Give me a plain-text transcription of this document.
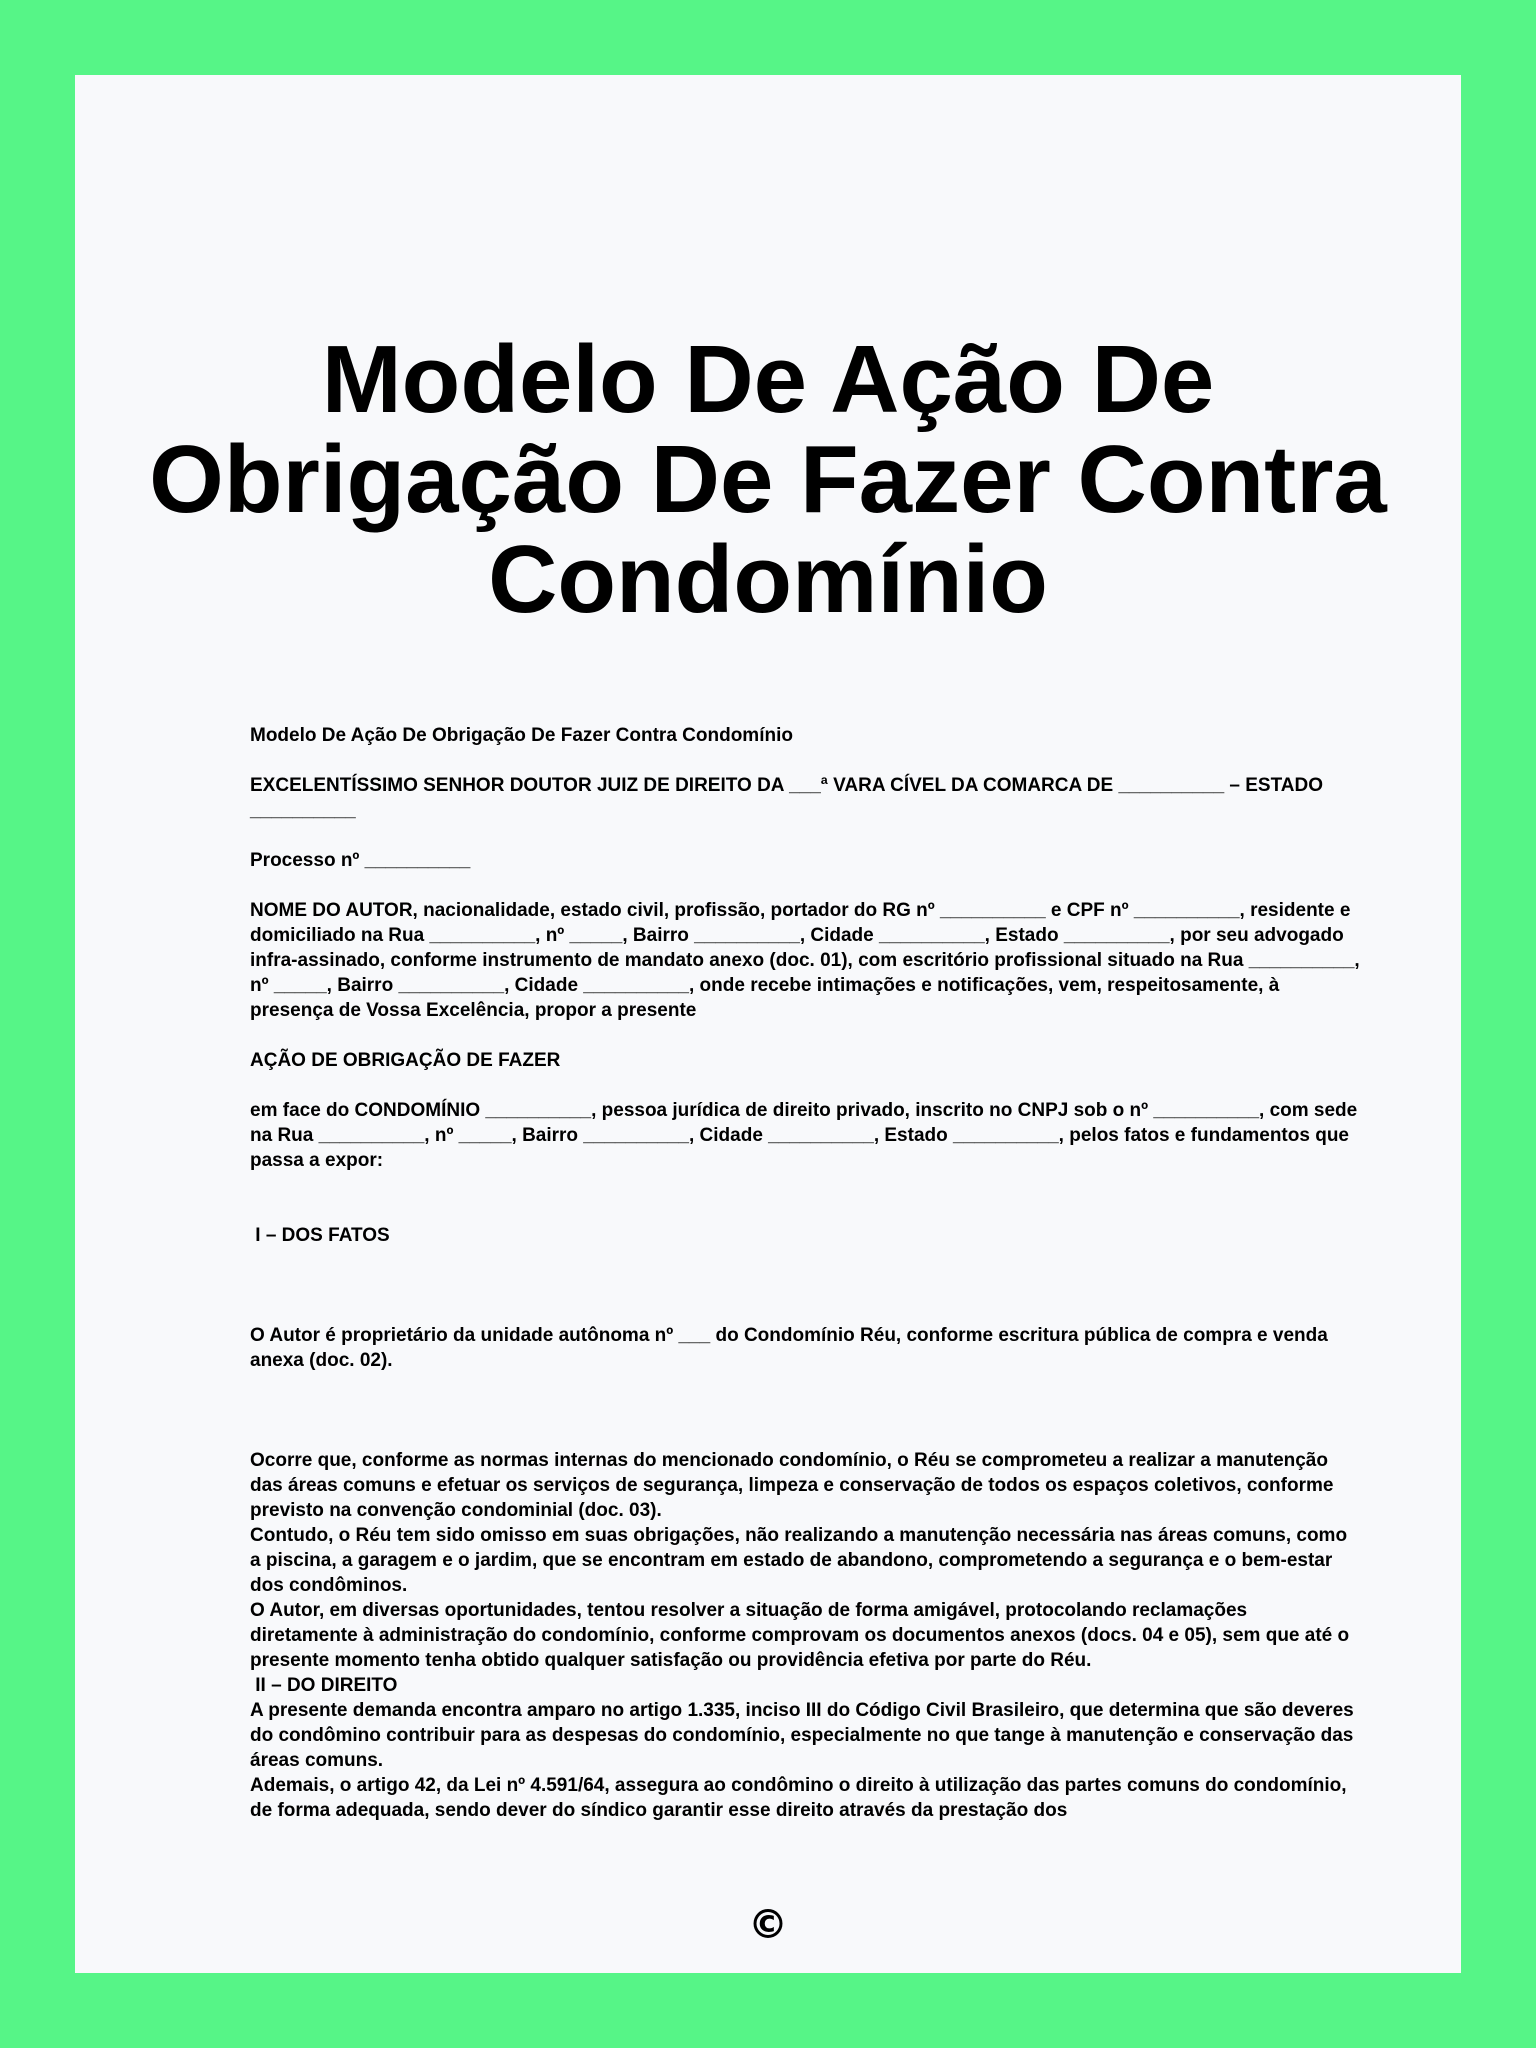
Modelo De Ação De Obrigação De Fazer Contra Condomínio

Modelo De Ação De Obrigação De Fazer Contra Condomínio

EXCELENTÍSSIMO SENHOR DOUTOR JUIZ DE DIREITO DA ___ª VARA CÍVEL DA COMARCA DE __________ – ESTADO __________

Processo nº __________

NOME DO AUTOR, nacionalidade, estado civil, profissão, portador do RG nº __________ e CPF nº __________, residente e domiciliado na Rua __________, nº _____, Bairro __________, Cidade __________, Estado __________, por seu advogado infra-assinado, conforme instrumento de mandato anexo (doc. 01), com escritório profissional situado na Rua __________, nº _____, Bairro __________, Cidade __________, onde recebe intimações e notificações, vem, respeitosamente, à presença de Vossa Excelência, propor a presente

AÇÃO DE OBRIGAÇÃO DE FAZER

em face do CONDOMÍNIO __________, pessoa jurídica de direito privado, inscrito no CNPJ sob o nº __________, com sede na Rua __________, nº _____, Bairro __________, Cidade __________, Estado __________, pelos fatos e fundamentos que passa a expor:

I – DOS FATOS

O Autor é proprietário da unidade autônoma nº ___ do Condomínio Réu, conforme escritura pública de compra e venda anexa (doc. 02).

Ocorre que, conforme as normas internas do mencionado condomínio, o Réu se comprometeu a realizar a manutenção das áreas comuns e efetuar os serviços de segurança, limpeza e conservação de todos os espaços coletivos, conforme previsto na convenção condominial (doc. 03).

Contudo, o Réu tem sido omisso em suas obrigações, não realizando a manutenção necessária nas áreas comuns, como a piscina, a garagem e o jardim, que se encontram em estado de abandono, comprometendo a segurança e o bem-estar dos condôminos.

O Autor, em diversas oportunidades, tentou resolver a situação de forma amigável, protocolando reclamações diretamente à administração do condomínio, conforme comprovam os documentos anexos (docs. 04 e 05), sem que até o presente momento tenha obtido qualquer satisfação ou providência efetiva por parte do Réu.

II – DO DIREITO

A presente demanda encontra amparo no artigo 1.335, inciso III do Código Civil Brasileiro, que determina que são deveres do condômino contribuir para as despesas do condomínio, especialmente no que tange à manutenção e conservação das áreas comuns.

Ademais, o artigo 42, da Lei nº 4.591/64, assegura ao condômino o direito à utilização das partes comuns do condomínio, de forma adequada, sendo dever do síndico garantir esse direito através da prestação dos

©
